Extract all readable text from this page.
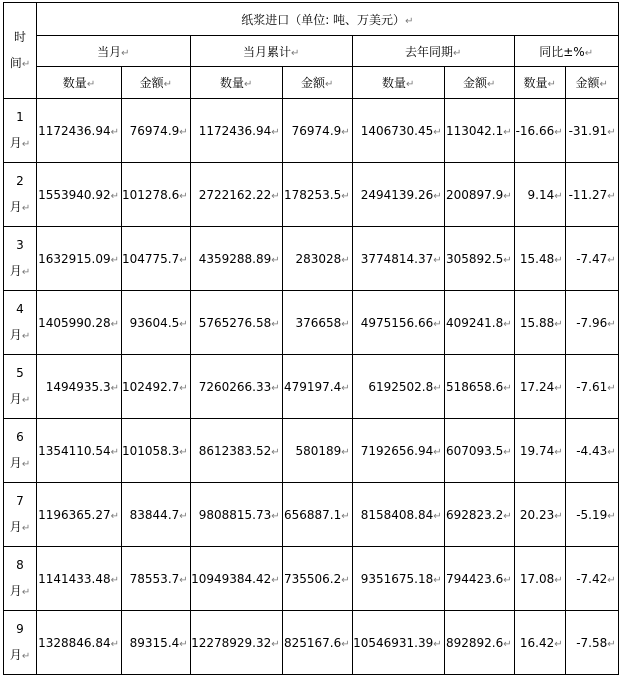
时
间↵	纸浆进口（单位: 吨、万美元）↵							
	当月↵		当月累计↵		去年同期↵		同比±%↵	
	数量↵	金额↵	数量↵	金额↵	数量↵	金额↵	数量↵	金额↵
1
月↵	1172436.94↵	76974.9↵	1172436.94↵	76974.9↵	1406730.45↵	113042.1↵	-16.66↵	-31.91↵
2
月↵	1553940.92↵	101278.6↵	2722162.22↵	178253.5↵	2494139.26↵	200897.9↵	9.14↵	-11.27↵
3
月↵	1632915.09↵	104775.7↵	4359288.89↵	283028↵	3774814.37↵	305892.5↵	15.48↵	-7.47↵
4
月↵	1405990.28↵	93604.5↵	5765276.58↵	376658↵	4975156.66↵	409241.8↵	15.88↵	-7.96↵
5
月↵	1494935.3↵	102492.7↵	7260266.33↵	479197.4↵	6192502.8↵	518658.6↵	17.24↵	-7.61↵
6
月↵	1354110.54↵	101058.3↵	8612383.52↵	580189↵	7192656.94↵	607093.5↵	19.74↵	-4.43↵
7
月↵	1196365.27↵	83844.7↵	9808815.73↵	656887.1↵	8158408.84↵	692823.2↵	20.23↵	-5.19↵
8
月↵	1141433.48↵	78553.7↵	10949384.42↵	735506.2↵	9351675.18↵	794423.6↵	17.08↵	-7.42↵
9
月↵	1328846.84↵	89315.4↵	12278929.32↵	825167.6↵	10546931.39↵	892892.6↵	16.42↵	-7.58↵
